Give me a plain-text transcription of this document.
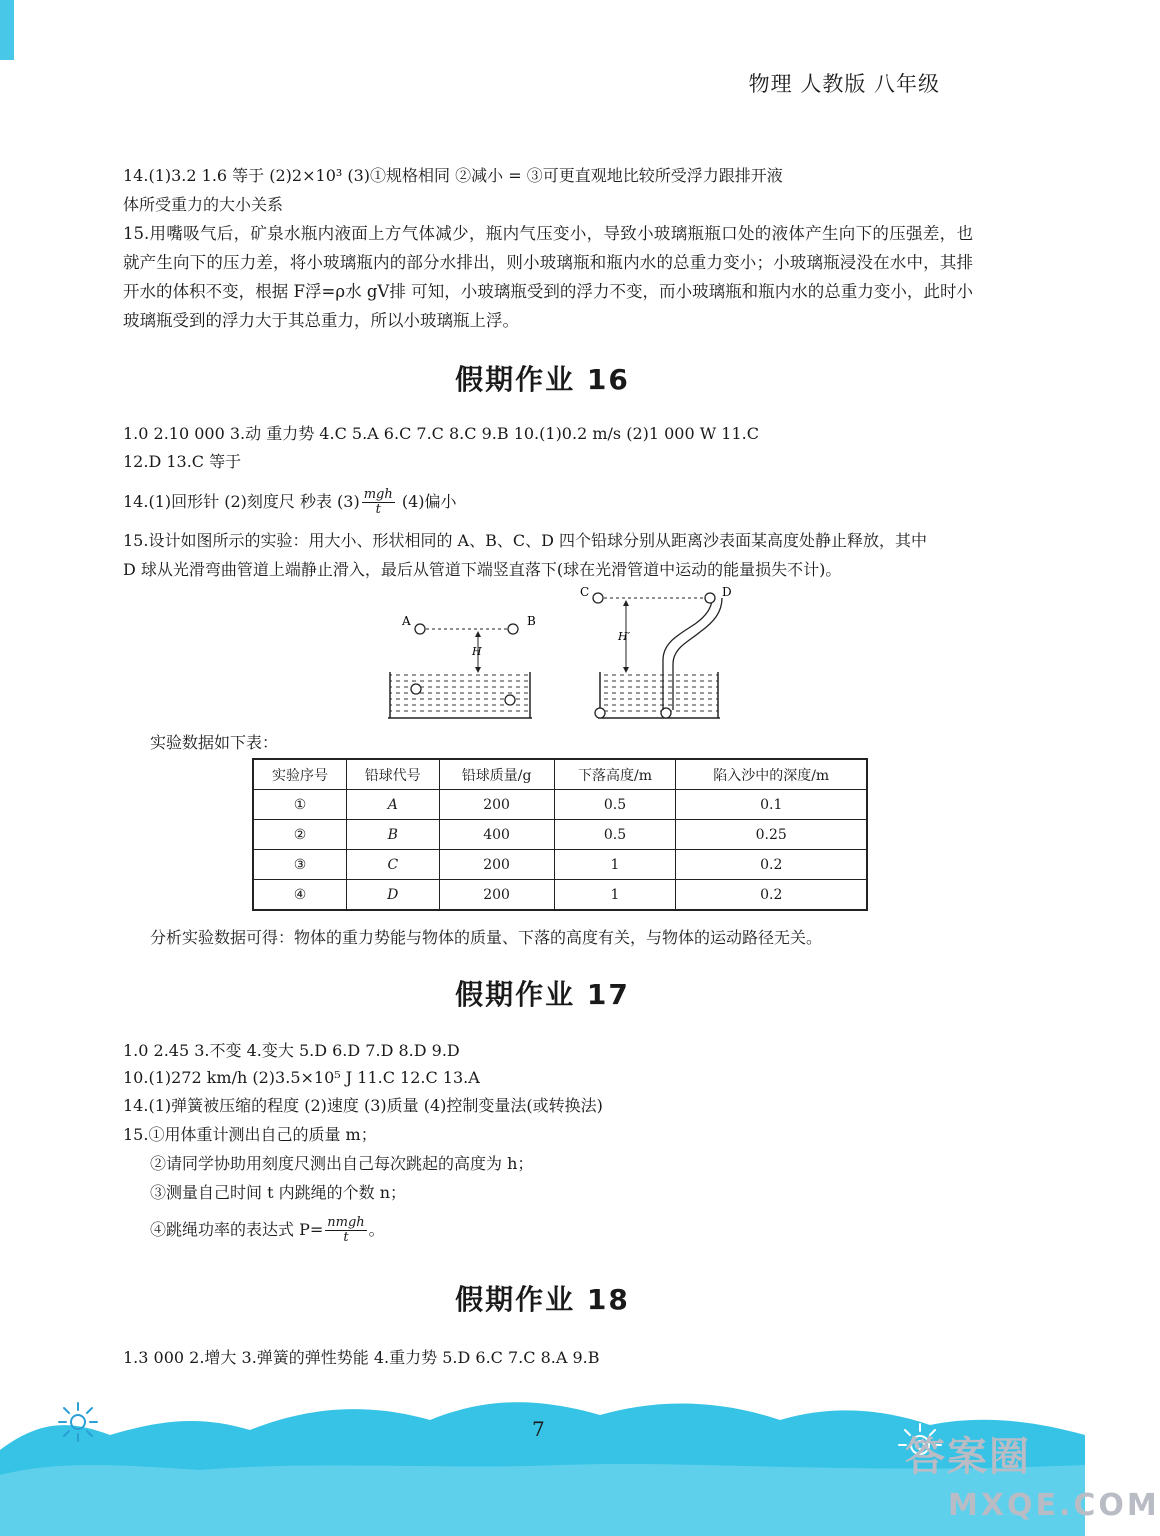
物理 人教版 八年级
14.(1)3.2 1.6 等于 (2)2×10³ (3)①规格相同 ②减小 = ③可更直观地比较所受浮力跟排开液
体所受重力的大小关系
15.用嘴吸气后，矿泉水瓶内液面上方气体减少，瓶内气压变小，导致小玻璃瓶瓶口处的液体产生向下的压强差，也就产生向下的压力差，将小玻璃瓶内的部分水排出，则小玻璃瓶和瓶内水的总重力变小；小玻璃瓶浸没在水中，其排开水的体积不变，根据 F浮=ρ水 gV排 可知，小玻璃瓶受到的浮力不变，而小玻璃瓶和瓶内水的总重力变小，此时小玻璃瓶受到的浮力大于其总重力，所以小玻璃瓶上浮。
假期作业 16
1.0 2.10 000 3.动 重力势 4.C 5.A 6.C 7.C 8.C 9.B 10.(1)0.2 m/s (2)1 000 W 11.C
12.D 13.C 等于
14.(1)回形针 (2)刻度尺 秒表 $(3) \frac{\text{mgh}}{t} (4)$偏小
15.设计如图所示的实验：用大小、形状相同的 A、B、C、D 四个铅球分别从距离沙表面某高度处静止释放，其中
D 球从光滑弯曲管道上端静止滑入，最后从管道下端竖直落下(球在光滑管道中运动的能量损失不计)。
A	B
H
C
H′
D
实验数据如下表：
实验序号	铅球代号	铅球质量/g	下落高度/m	陷入沙中的深度/m
①	A	200	0.5	0.1
②	B	400	0.5	0.25
③	C	200	1	0.2
④	D	200	1	0.2
分析实验数据可得：物体的重力势能与物体的质量、下落的高度有关，与物体的运动路径无关。
假期作业 17
1.0 2.45 3.不变 4.变大 5.D 6.D 7.D 8.D 9.D
10.(1)272 km/h (2)3.5×10⁵ J 11.C 12.C 13.A
14.(1)弹簧被压缩的程度 (2)速度 (3)质量 (4)控制变量法(或转换法)
15.①用体重计测出自己的质量 m；
②请同学协助用刻度尺测出自己每次跳起的高度为 h；
③测量自己时间 t 内跳绳的个数 n；
④跳绳功率的表达式 $P= \frac{\text{nmgh}}{t}$ 。
假期作业 18
1.3 000 2.增大 3.弹簧的弹性势能 4.重力势 5.D 6.C 7.C 8.A 9.B
7
答案圈
MXQE.COM
